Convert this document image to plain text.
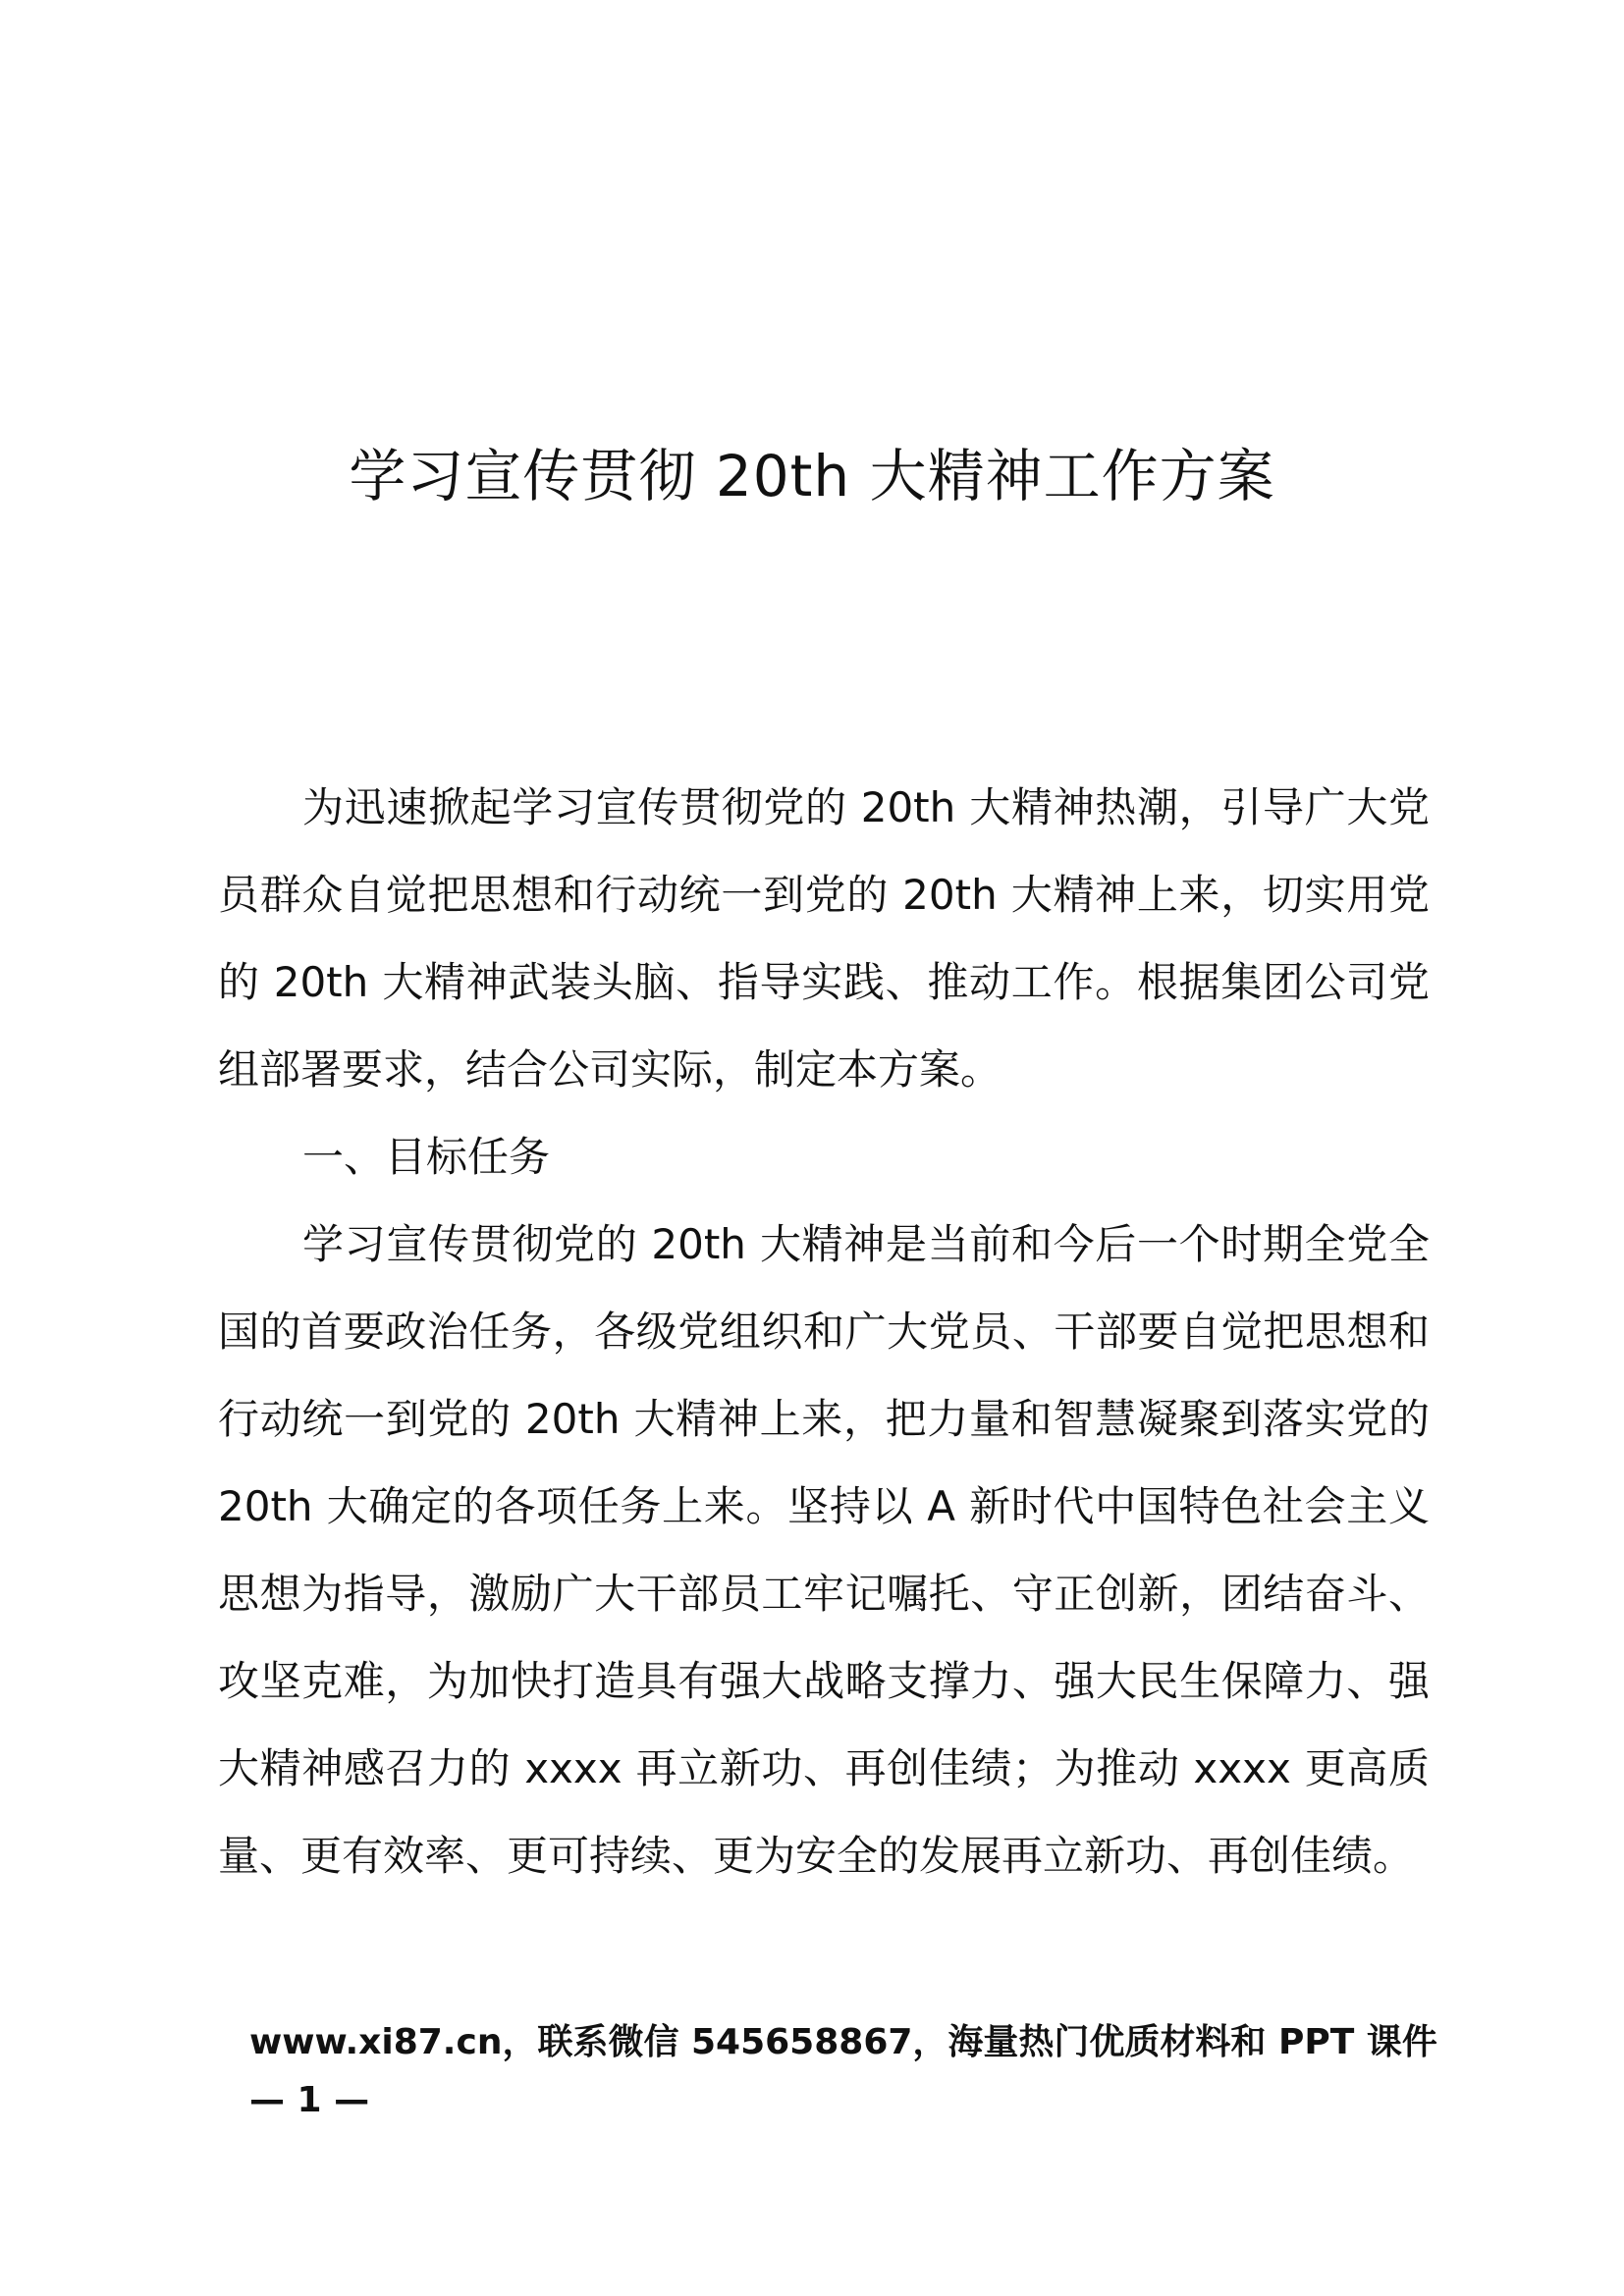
学习宣传贯彻 20th 大精神工作方案

为迅速掀起学习宣传贯彻党的 20th 大精神热潮，引导广大党员群众自觉把思想和行动统一到党的 20th 大精神上来，切实用党的 20th 大精神武装头脑、指导实践、推动工作。根据集团公司党组部署要求，结合公司实际，制定本方案。

一、目标任务

学习宣传贯彻党的 20th 大精神是当前和今后一个时期全党全国的首要政治任务，各级党组织和广大党员、干部要自觉把思想和行动统一到党的 20th 大精神上来，把力量和智慧凝聚到落实党的 20th 大确定的各项任务上来。坚持以 A 新时代中国特色社会主义思想为指导，激励广大干部员工牢记嘱托、守正创新，团结奋斗、攻坚克难，为加快打造具有强大战略支撑力、强大民生保障力、强大精神感召力的 xxxx 再立新功、再创佳绩；为推动 xxxx 更高质量、更有效率、更可持续、更为安全的发展再立新功、再创佳绩。

www.xi87.cn，联系微信 545658867，海量热门优质材料和 PPT 课件
— 1 —
